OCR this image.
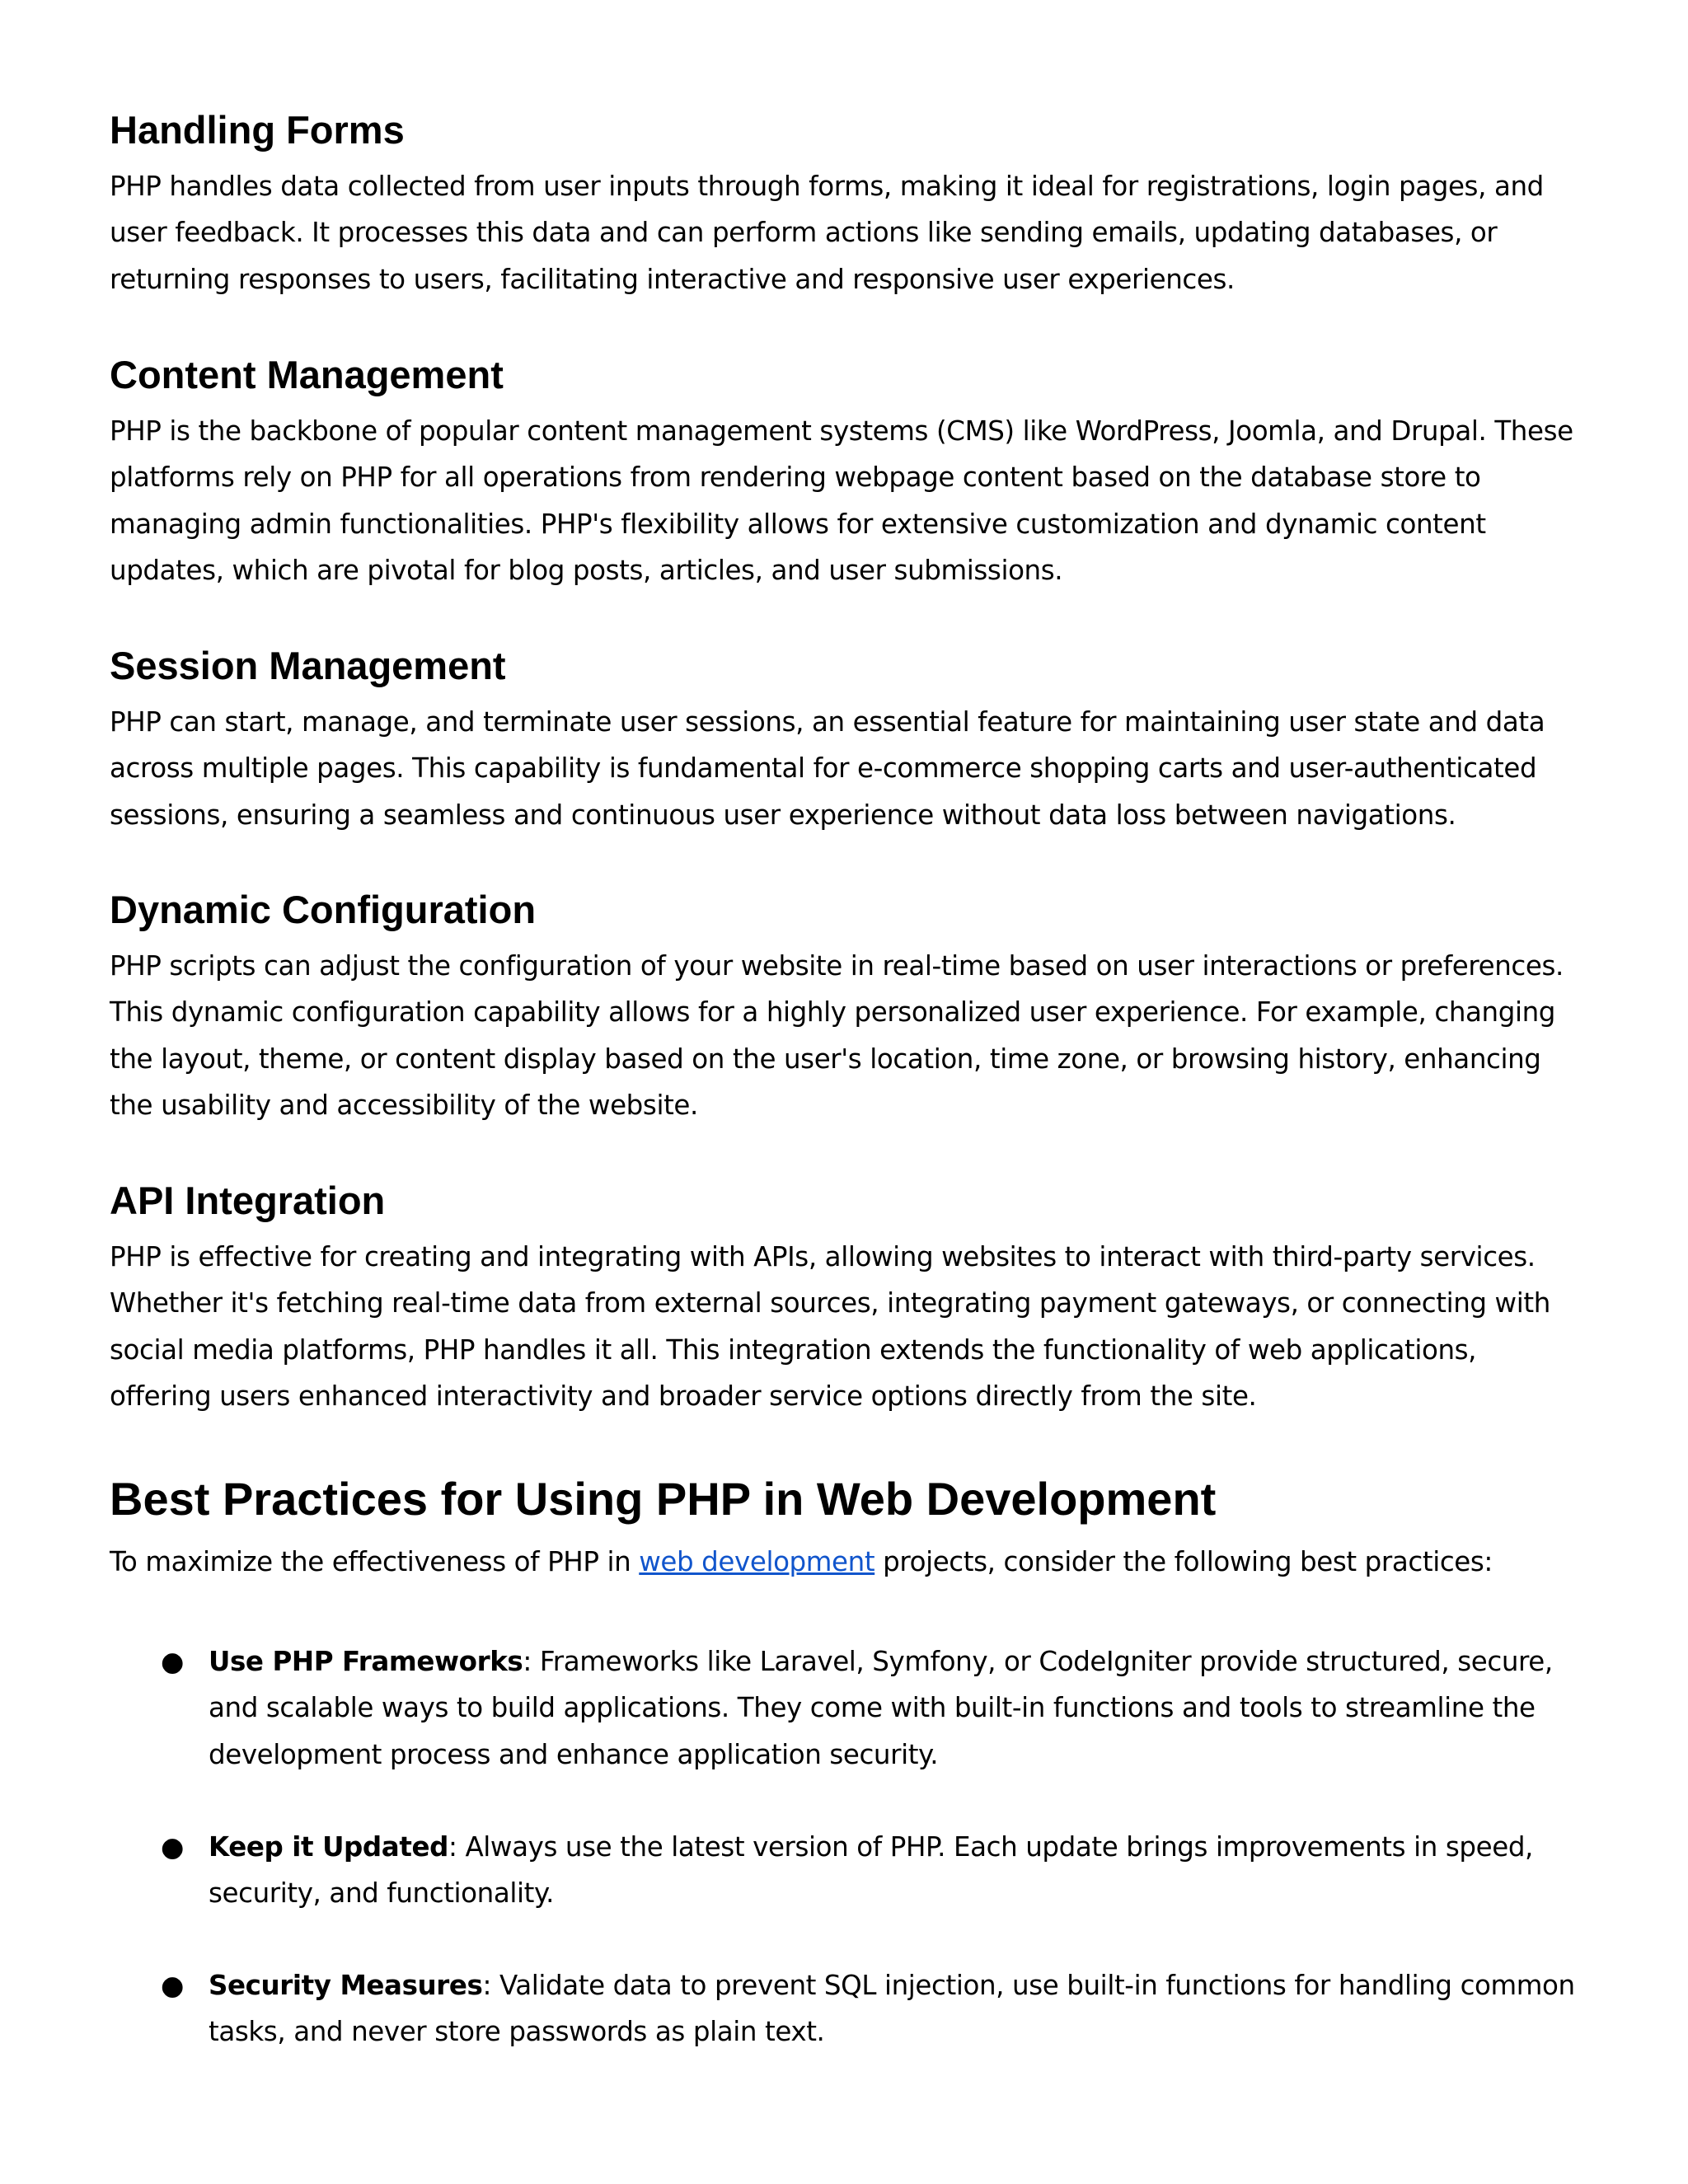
Handling Forms

PHP handles data collected from user inputs through forms, making it ideal for registrations, login pages, and user feedback. It processes this data and can perform actions like sending emails, updating databases, or returning responses to users, facilitating interactive and responsive user experiences.

Content Management

PHP is the backbone of popular content management systems (CMS) like WordPress, Joomla, and Drupal. These platforms rely on PHP for all operations from rendering webpage content based on the database store to managing admin functionalities. PHP's flexibility allows for extensive customization and dynamic content updates, which are pivotal for blog posts, articles, and user submissions.

Session Management

PHP can start, manage, and terminate user sessions, an essential feature for maintaining user state and data across multiple pages. This capability is fundamental for e-commerce shopping carts and user-authenticated sessions, ensuring a seamless and continuous user experience without data loss between navigations.

Dynamic Configuration

PHP scripts can adjust the configuration of your website in real-time based on user interactions or preferences. This dynamic configuration capability allows for a highly personalized user experience. For example, changing the layout, theme, or content display based on the user's location, time zone, or browsing history, enhancing the usability and accessibility of the website.

API Integration

PHP is effective for creating and integrating with APIs, allowing websites to interact with third-party services. Whether it's fetching real-time data from external sources, integrating payment gateways, or connecting with social media platforms, PHP handles it all. This integration extends the functionality of web applications, offering users enhanced interactivity and broader service options directly from the site.

Best Practices for Using PHP in Web Development

To maximize the effectiveness of PHP in web development projects, consider the following best practices:

● Use PHP Frameworks: Frameworks like Laravel, Symfony, or CodeIgniter provide structured, secure, and scalable ways to build applications. They come with built-in functions and tools to streamline the development process and enhance application security.

● Keep it Updated: Always use the latest version of PHP. Each update brings improvements in speed, security, and functionality.

● Security Measures: Validate data to prevent SQL injection, use built-in functions for handling common tasks, and never store passwords as plain text.
